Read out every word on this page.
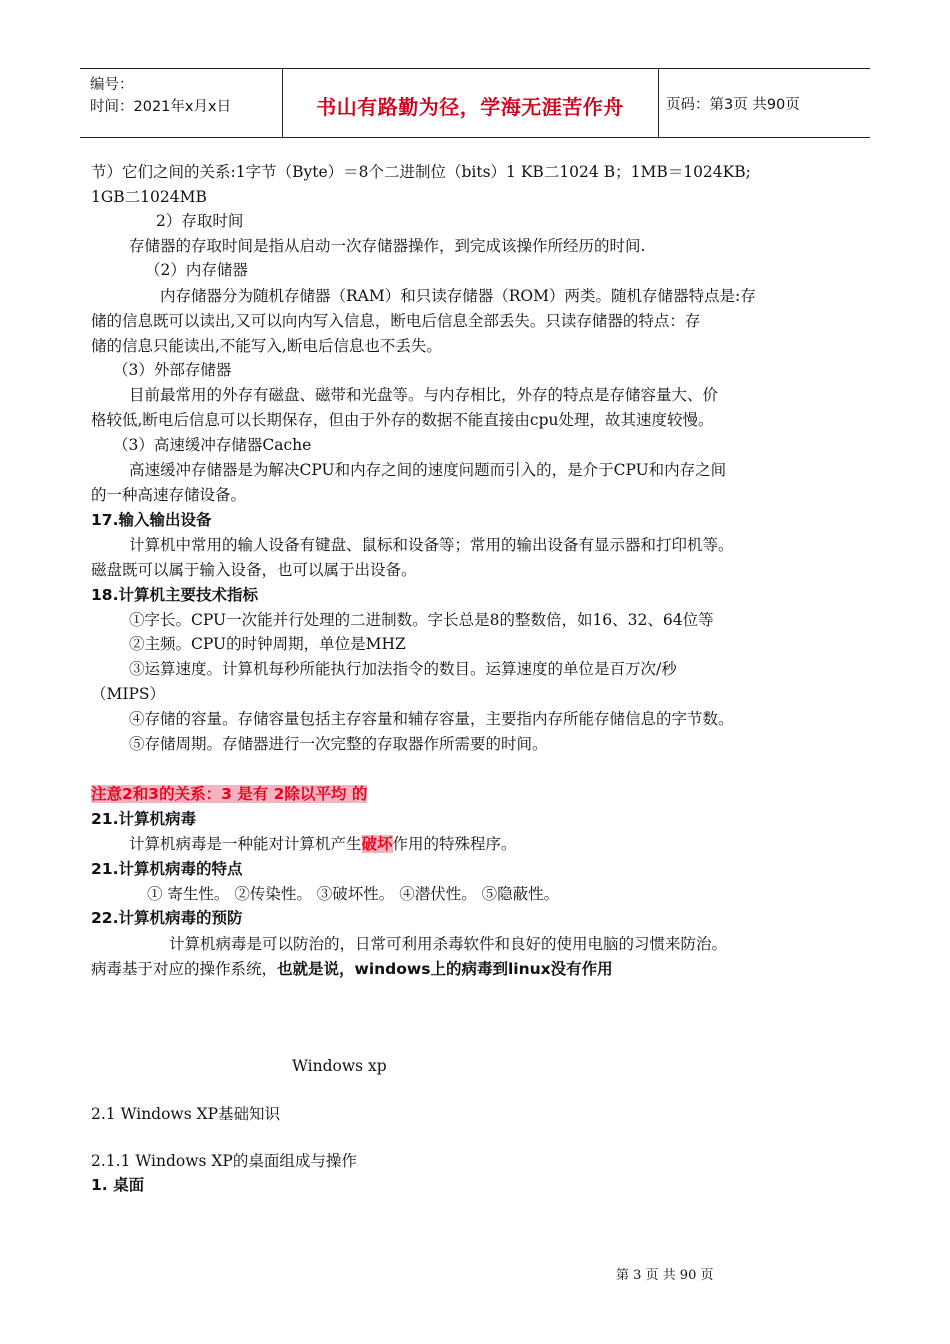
编号：
时间：2021年x月x日	书山有路勤为径，学海无涯苦作舟	页码：第3页 共90页
节）它们之间的关系:1字节（Byte）＝8个二进制位（bits）1 KB二1024 B；1MB＝1024KB;
1GB二1024MB
2）存取时间
存储器的存取时间是指从启动一次存储器操作，到完成该操作所经历的时间.
（2）内存储器
内存储器分为随机存储器（RAM）和只读存储器（ROM）两类。随机存储器特点是:存
储的信息既可以读出,又可以向内写入信息，断电后信息全部丢失。只读存储器的特点：存
储的信息只能读出,不能写入,断电后信息也不丢失。
（3）外部存储器
目前最常用的外存有磁盘、磁带和光盘等。与内存相比，外存的特点是存储容量大、价
格较低,断电后信息可以长期保存，但由于外存的数据不能直接由cpu处理，故其速度较慢。
（3）高速缓冲存储器Cache
高速缓冲存储器是为解决CPU和内存之间的速度问题而引入的，是介于CPU和内存之间
的一种高速存储设备。
17.输入输出设备
计算机中常用的输人设备有键盘、鼠标和设备等；常用的输出设备有显示器和打印机等。
磁盘既可以属于输入设备，也可以属于出设备。
18.计算机主要技术指标
①字长。CPU一次能并行处理的二进制数。字长总是8的整数倍，如16、32、64位等
②主频。CPU的时钟周期，单位是MHZ
③运算速度。计算机每秒所能执行加法指令的数目。运算速度的单位是百万次/秒
（MIPS）
④存储的容量。存储容量包括主存容量和辅存容量，主要指内存所能存储信息的字节数。
⑤存储周期。存储器进行一次完整的存取器作所需要的时间。
注意2和3的关系：3 是有 2除以平均 的
21.计算机病毒
计算机病毒是一种能对计算机产生破坏作用的特殊程序。
21.计算机病毒的特点
① 寄生性。 ②传染性。 ③破坏性。 ④潜伏性。 ⑤隐蔽性。
22.计算机病毒的预防
计算机病毒是可以防治的，日常可利用杀毒软件和良好的使用电脑的习惯来防治。
病毒基于对应的操作系统，也就是说，windows上的病毒到linux没有作用
Windows xp
2.1 Windows XP基础知识
2.1.1 Windows XP的桌面组成与操作
1. 桌面
第 3 页 共 90 页
